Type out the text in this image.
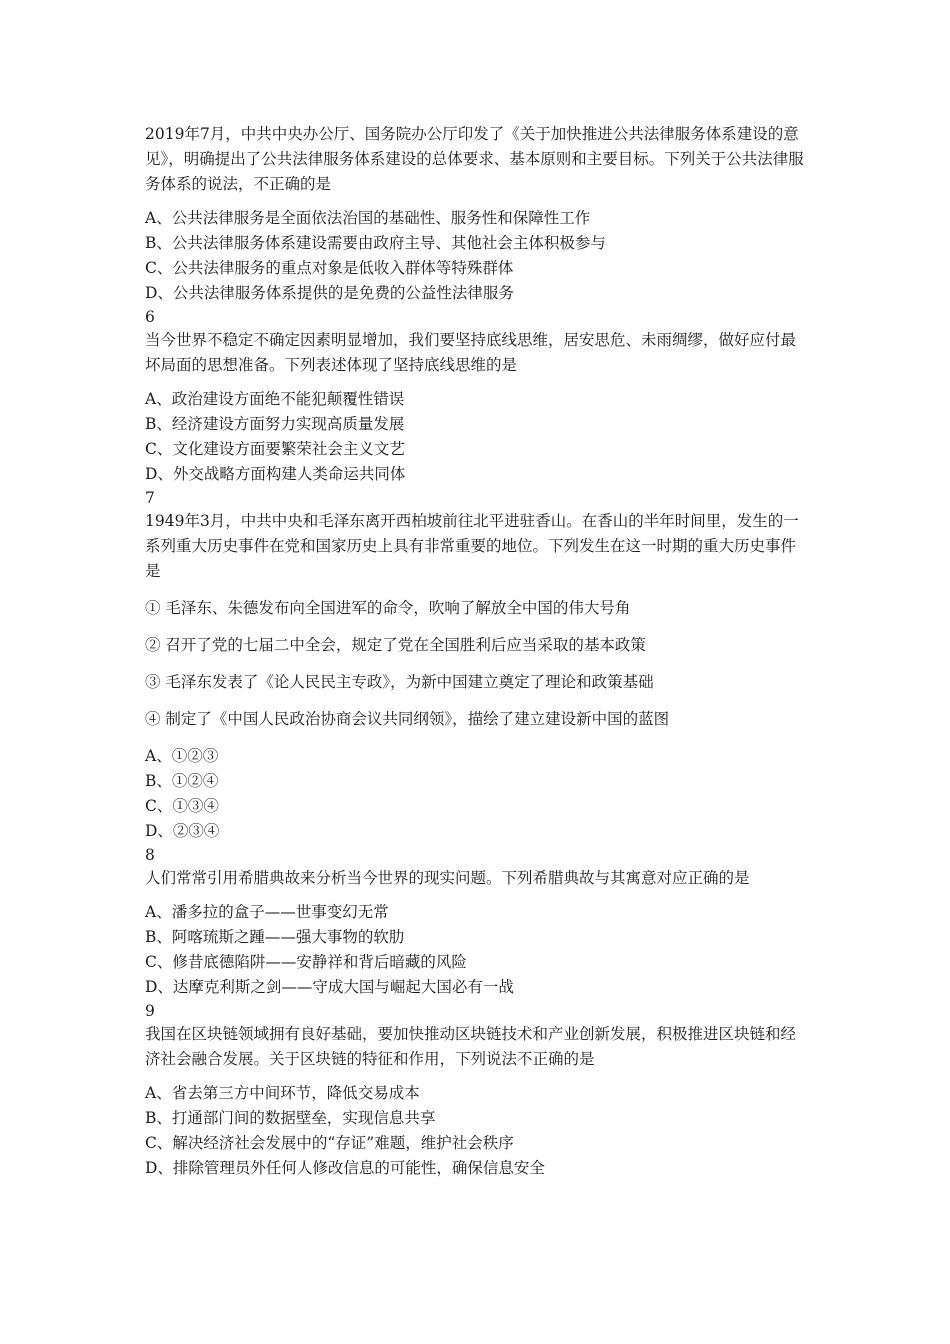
2019年7月，中共中央办公厅、国务院办公厅印发了《关于加快推进公共法律服务体系建设的意见》，明确提出了公共法律服务体系建设的总体要求、基本原则和主要目标。下列关于公共法律服务体系的说法，不正确的是

A、公共法律服务是全面依法治国的基础性、服务性和保障性工作

B、公共法律服务体系建设需要由政府主导、其他社会主体积极参与

C、公共法律服务的重点对象是低收入群体等特殊群体

D、公共法律服务体系提供的是免费的公益性法律服务

6

当今世界不稳定不确定因素明显增加，我们要坚持底线思维，居安思危、未雨绸缪，做好应付最坏局面的思想准备。下列表述体现了坚持底线思维的是

A、政治建设方面绝不能犯颠覆性错误

B、经济建设方面努力实现高质量发展

C、文化建设方面要繁荣社会主义文艺

D、外交战略方面构建人类命运共同体

7

1949年3月，中共中央和毛泽东离开西柏坡前往北平进驻香山。在香山的半年时间里，发生的一系列重大历史事件在党和国家历史上具有非常重要的地位。下列发生在这一时期的重大历史事件是

① 毛泽东、朱德发布向全国进军的命令，吹响了解放全中国的伟大号角

② 召开了党的七届二中全会，规定了党在全国胜利后应当采取的基本政策

③ 毛泽东发表了《论人民民主专政》，为新中国建立奠定了理论和政策基础

④ 制定了《中国人民政治协商会议共同纲领》，描绘了建立建设新中国的蓝图

A、①②③

B、①②④

C、①③④

D、②③④

8

人们常常引用希腊典故来分析当今世界的现实问题。下列希腊典故与其寓意对应正确的是

A、潘多拉的盒子——世事变幻无常

B、阿喀琉斯之踵——强大事物的软肋

C、修昔底德陷阱——安静祥和背后暗藏的风险

D、达摩克利斯之剑——守成大国与崛起大国必有一战

9

我国在区块链领域拥有良好基础，要加快推动区块链技术和产业创新发展，积极推进区块链和经济社会融合发展。关于区块链的特征和作用，下列说法不正确的是

A、省去第三方中间环节，降低交易成本

B、打通部门间的数据壁垒，实现信息共享

C、解决经济社会发展中的“存证”难题，维护社会秩序

D、排除管理员外任何人修改信息的可能性，确保信息安全
